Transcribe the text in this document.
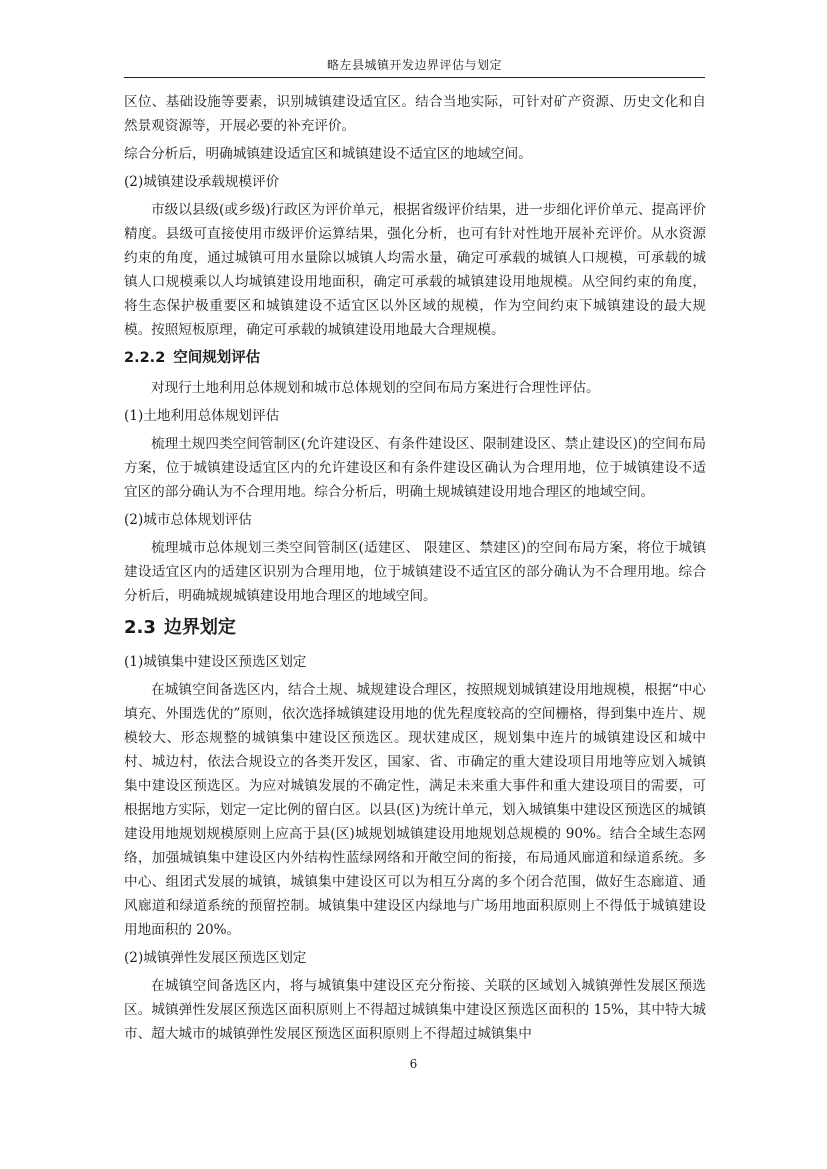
略左县城镇开发边界评估与划定

区位、基础设施等要素，识别城镇建设适宜区。结合当地实际，可针对矿产资源、历史文化和自然景观资源等，开展必要的补充评价。

综合分析后，明确城镇建设适宜区和城镇建设不适宜区的地域空间。

(2)城镇建设承载规模评价

市级以县级(或乡级)行政区为评价单元，根据省级评价结果，进一步细化评价单元、提高评价精度。县级可直接使用市级评价运算结果，强化分析，也可有针对性地开展补充评价。从水资源约束的角度，通过城镇可用水量除以城镇人均需水量，确定可承载的城镇人口规模，可承载的城镇人口规模乘以人均城镇建设用地面积，确定可承载的城镇建设用地规模。从空间约束的角度，将生态保护极重要区和城镇建设不适宜区以外区域的规模，作为空间约束下城镇建设的最大规模。按照短板原理，确定可承载的城镇建设用地最大合理规模。

2.2.2 空间规划评估

对现行土地利用总体规划和城市总体规划的空间布局方案进行合理性评估。

(1)土地利用总体规划评估

梳理土规四类空间管制区(允许建设区、有条件建设区、限制建设区、禁止建设区)的空间布局方案，位于城镇建设适宜区内的允许建设区和有条件建设区确认为合理用地，位于城镇建设不适宜区的部分确认为不合理用地。综合分析后，明确土规城镇建设用地合理区的地域空间。

(2)城市总体规划评估

梳理城市总体规划三类空间管制区(适建区、 限建区、禁建区)的空间布局方案，将位于城镇建设适宜区内的适建区识别为合理用地，位于城镇建设不适宜区的部分确认为不合理用地。综合分析后，明确城规城镇建设用地合理区的地域空间。

2.3 边界划定

(1)城镇集中建设区预选区划定

在城镇空间备选区内，结合土规、城规建设合理区，按照规划城镇建设用地规模，根据“中心填充、外围选优的”原则，依次选择城镇建设用地的优先程度较高的空间栅格，得到集中连片、规模较大、形态规整的城镇集中建设区预选区。现状建成区，规划集中连片的城镇建设区和城中村、城边村，依法合规设立的各类开发区，国家、省、市确定的重大建设项目用地等应划入城镇集中建设区预选区。为应对城镇发展的不确定性，满足未来重大事件和重大建设项目的需要，可根据地方实际，划定一定比例的留白区。以县(区)为统计单元，划入城镇集中建设区预选区的城镇建设用地规划规模原则上应高于县(区)城规划城镇建设用地规划总规模的 90%。结合全域生态网络，加强城镇集中建设区内外结构性蓝绿网络和开敞空间的衔接，布局通风廊道和绿道系统。多中心、组团式发展的城镇，城镇集中建设区可以为相互分离的多个闭合范围，做好生态廊道、通风廊道和绿道系统的预留控制。城镇集中建设区内绿地与广场用地面积原则上不得低于城镇建设用地面积的 20%。

(2)城镇弹性发展区预选区划定

在城镇空间备选区内，将与城镇集中建设区充分衔接、关联的区域划入城镇弹性发展区预选区。城镇弹性发展区预选区面积原则上不得超过城镇集中建设区预选区面积的 15%，其中特大城市、超大城市的城镇弹性发展区预选区面积原则上不得超过城镇集中

6
